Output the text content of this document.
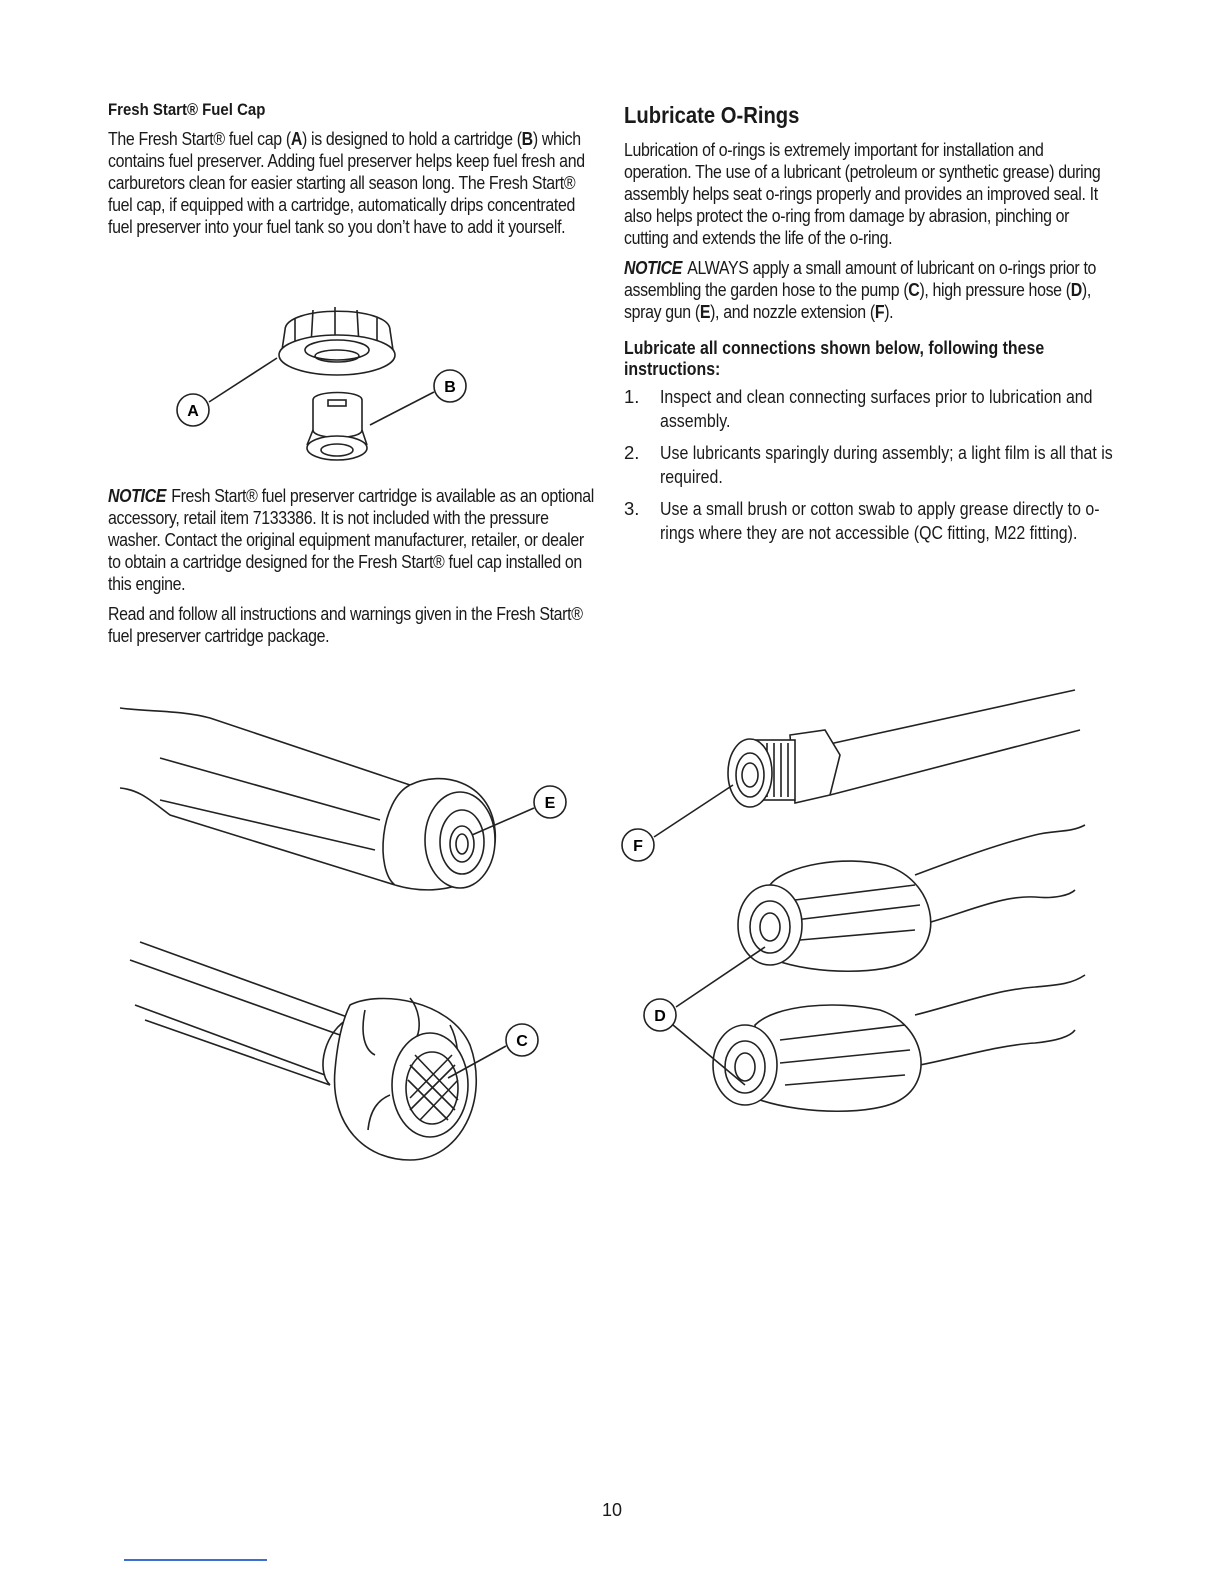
Fresh Start® Fuel Cap

The Fresh Start® fuel cap (A) is designed to hold a cartridge (B) which contains fuel preserver. Adding fuel preserver helps keep fuel fresh and carburetors clean for easier starting all season long. The Fresh Start® fuel cap, if equipped with a cartridge, automatically drips concentrated fuel preserver into your fuel tank so you don’t have to add it yourself.

A
B

NOTICE Fresh Start® fuel preserver cartridge is available as an optional accessory, retail item 7133386. It is not included with the pressure washer. Contact the original equipment manufacturer, retailer, or dealer to obtain a cartridge designed for the Fresh Start® fuel cap installed on this engine.

Read and follow all instructions and warnings given in the Fresh Start® fuel preserver cartridge package.

Lubricate O-Rings

Lubrication of o-rings is extremely important for installation and operation. The use of a lubricant (petroleum or synthetic grease) during assembly helps seat o-rings properly and provides an improved seal. It also helps protect the o-ring from damage by abrasion, pinching or cutting and extends the life of the o-ring.

NOTICE ALWAYS apply a small amount of lubricant on o-rings prior to assembling the garden hose to the pump (C), high pressure hose (D), spray gun (E), and nozzle extension (F).

Lubricate all connections shown below, following these instructions:
1. Inspect and clean connecting surfaces prior to lubrication and assembly.
2. Use lubricants sparingly during assembly; a light film is all that is required.
3. Use a small brush or cotton swab to apply grease directly to o-rings where they are not accessible (QC fitting, M22 fitting).
E
C
F
D
10
